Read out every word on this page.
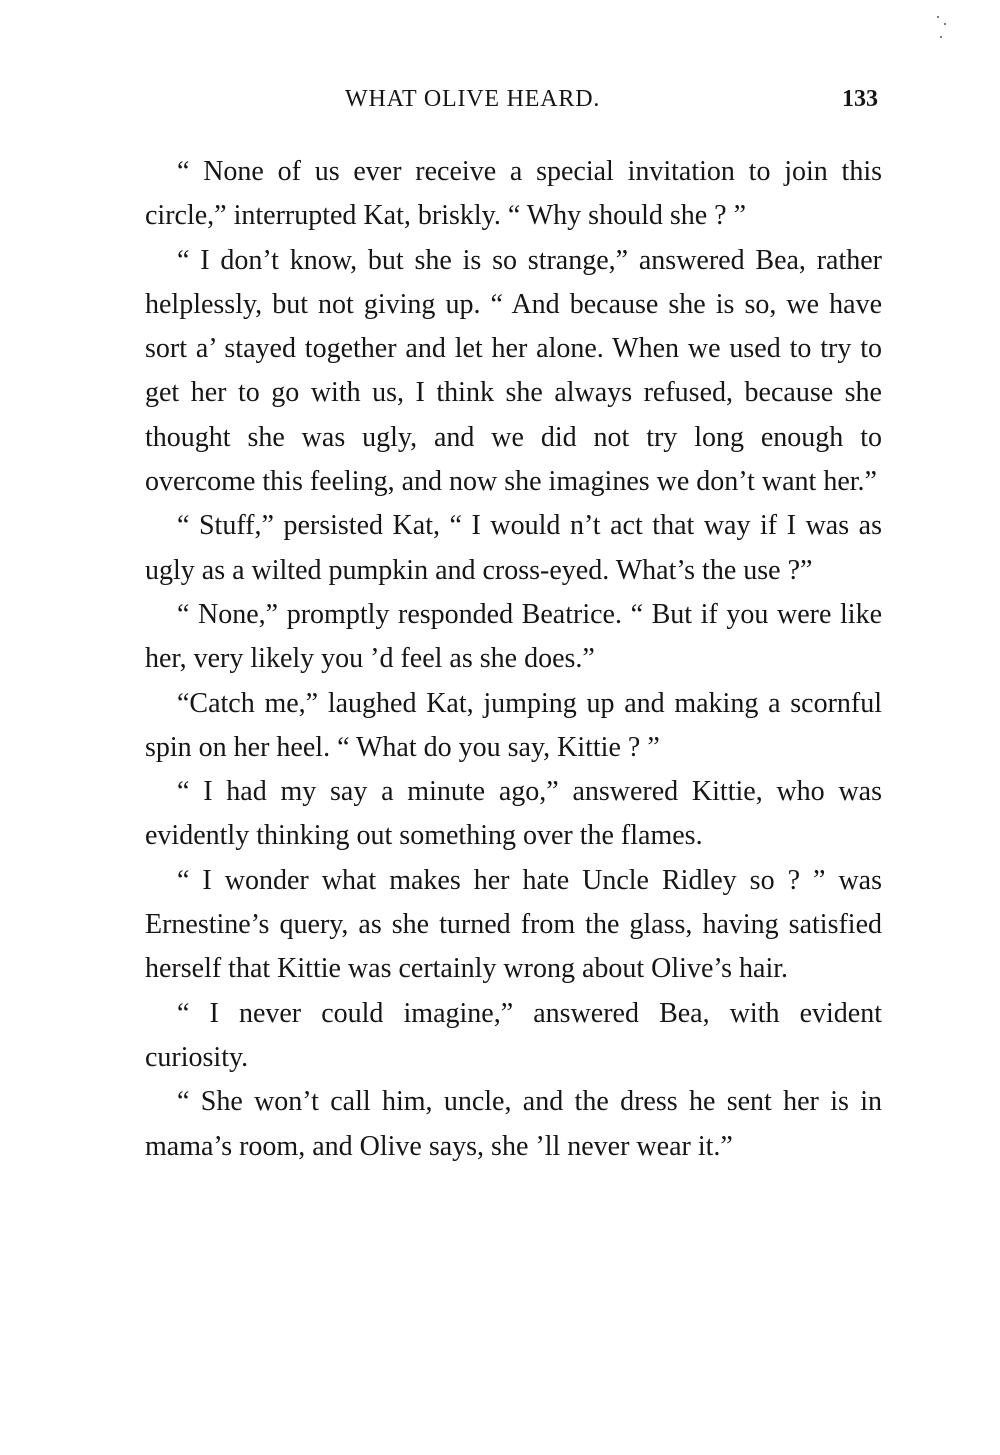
WHAT OLIVE HEARD.	133

“ None of us ever receive a special invitation to join this circle,” interrupted Kat, briskly. “ Why should she ? ”

“ I don’t know, but she is so strange,” answered Bea, rather helplessly, but not giving up. “ And because she is so, we have sort a’ stayed together and let her alone. When we used to try to get her to go with us, I think she always refused, because she thought she was ugly, and we did not try long enough to overcome this feeling, and now she imagines we don’t want her.”

“ Stuff,” persisted Kat, “ I would n’t act that way if I was as ugly as a wilted pumpkin and cross-eyed. What’s the use ?”

“ None,” promptly responded Beatrice. “ But if you were like her, very likely you ’d feel as she does.”

“Catch me,” laughed Kat, jumping up and making a scornful spin on her heel. “ What do you say, Kittie ? ”

“ I had my say a minute ago,” answered Kittie, who was evidently thinking out something over the flames.

“ I wonder what makes her hate Uncle Ridley so ? ” was Ernestine’s query, as she turned from the glass, having satisfied herself that Kittie was certainly wrong about Olive’s hair.

“ I never could imagine,” answered Bea, with evident curiosity.

“ She won’t call him, uncle, and the dress he sent her is in mama’s room, and Olive says, she ’ll never wear it.”
